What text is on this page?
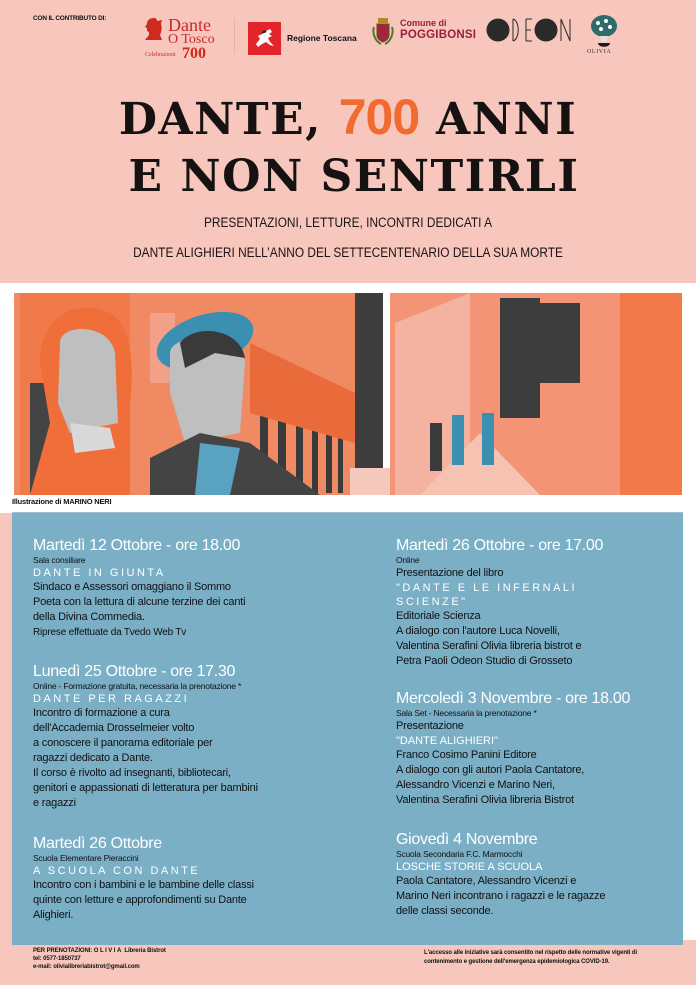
CON IL CONTRIBUTO DI:	Dante
O Tosco
Celebrazioni 700
Regione Toscana
Comune di
POGGIBONSI
OLIVIA
DANTE, 700 ANNI
E NON SENTIRLI
PRESENTAZIONI, LETTURE, INCONTRI DEDICATI A
DANTE ALIGHIERI NELL’ANNO DEL SETTECENTENARIO DELLA SUA MORTE
Illustrazione di MARINO NERI
Martedì 12 Ottobre - ore 18.00
Sala consiliare
DANTE IN GIUNTA
Sindaco e Assessori omaggiano il Sommo
Poeta con la lettura di alcune terzine dei canti
della Divina Commedia.
Riprese effettuate da Tvedo Web Tv
Lunedì 25 Ottobre - ore 17.30
Online - Formazione gratuita, necessaria la prenotazione *
DANTE PER RAGAZZI
Incontro di formazione a cura
dell'Accademia Drosselmeier volto
a conoscere il panorama editoriale per
ragazzi dedicato a Dante.
Il corso è rivolto ad insegnanti, bibliotecari,
genitori e appassionati di letteratura per bambini
e ragazzi
Martedì 26 Ottobre
Scuola Elementare Pieraccini
A SCUOLA CON DANTE
Incontro con i bambini e le bambine delle classi
quinte con letture e approfondimenti su Dante
Alighieri.
Martedì 26 Ottobre - ore 17.00
Online
Presentazione del libro
"DANTE E LE INFERNALI
SCIENZE"
Editoriale Scienza
A dialogo con l'autore Luca Novelli,
Valentina Serafini Olivia libreria bistrot e
Petra Paoli Odeon Studio di Grosseto
Mercoledì 3 Novembre - ore 18.00
Sala Set - Necessaria la prenotazione *
Presentazione
"DANTE ALIGHIERI"
Franco Cosimo Panini Editore
A dialogo con gli autori Paola Cantatore,
Alessandro Vicenzi e Marino Neri,
Valentina Serafini Olivia libreria Bistrot
Giovedì 4 Novembre
Scuola Secondaria F.C. Marmocchi
LOSCHE STORIE A SCUOLA
Paola Cantatore, Alessandro Vicenzi e
Marino Neri incontrano i ragazzi e le ragazze
delle classi seconde.
PER PRENOTAZIONI: OLIVIA Libreria Bistrot
tel: 0577-1850737
e-mail: olivialibreriabistrot@gmail.com
L'accesso alle iniziative sarà consentito nel rispetto delle normative vigenti di
contenimento e gestione dell'emergenza epidemiologica COVID-19.
